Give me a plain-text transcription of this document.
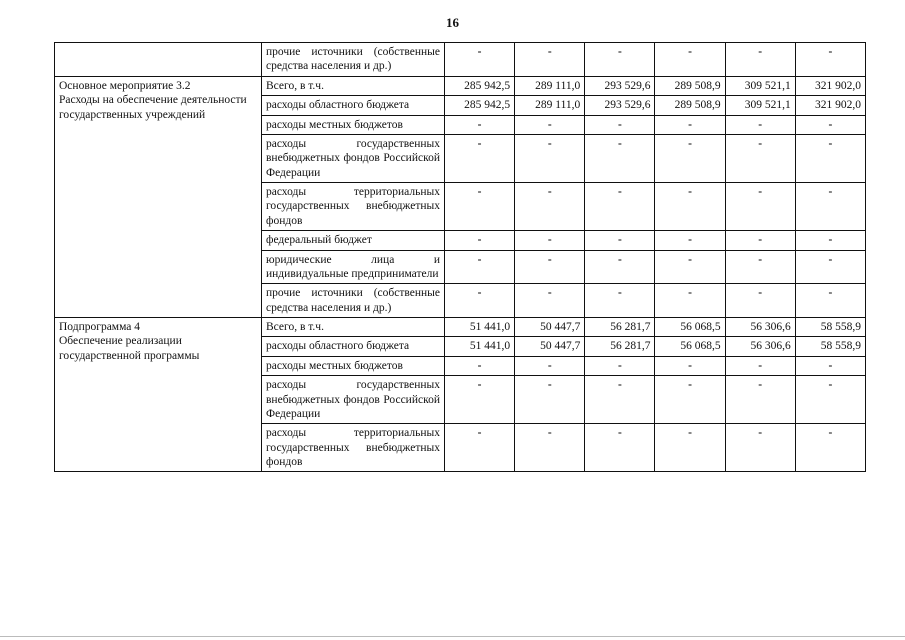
16
	прочие источники (собственные средства населения и др.)	-	-	-	-	-	-

Основное мероприятие 3.2
Расходы на обеспечение деятельности государственных учреждений	Всего, в т.ч.	285 942,5	289 111,0	293 529,6	289 508,9	309 521,1	321 902,0
	расходы областного бюджета	285 942,5	289 111,0	293 529,6	289 508,9	309 521,1	321 902,0
	расходы местных бюджетов	-	-	-	-	-	-
	расходы государственных внебюджетных фондов Российской Федерации	-	-	-	-	-	-
	расходы территориальных государственных внебюджетных фондов	-	-	-	-	-	-
	федеральный бюджет	-	-	-	-	-	-
	юридические лица и индивидуальные предприниматели	-	-	-	-	-	-
	прочие источники (собственные средства населения и др.)	-	-	-	-	-	-

Подпрограмма 4
Обеспечение реализации государственной программы	Всего, в т.ч.	51 441,0	50 447,7	56 281,7	56 068,5	56 306,6	58 558,9
	расходы областного бюджета	51 441,0	50 447,7	56 281,7	56 068,5	56 306,6	58 558,9
	расходы местных бюджетов	-	-	-	-	-	-
	расходы государственных внебюджетных фондов Российской Федерации	-	-	-	-	-	-
	расходы территориальных государственных внебюджетных фондов	-	-	-	-	-	-
